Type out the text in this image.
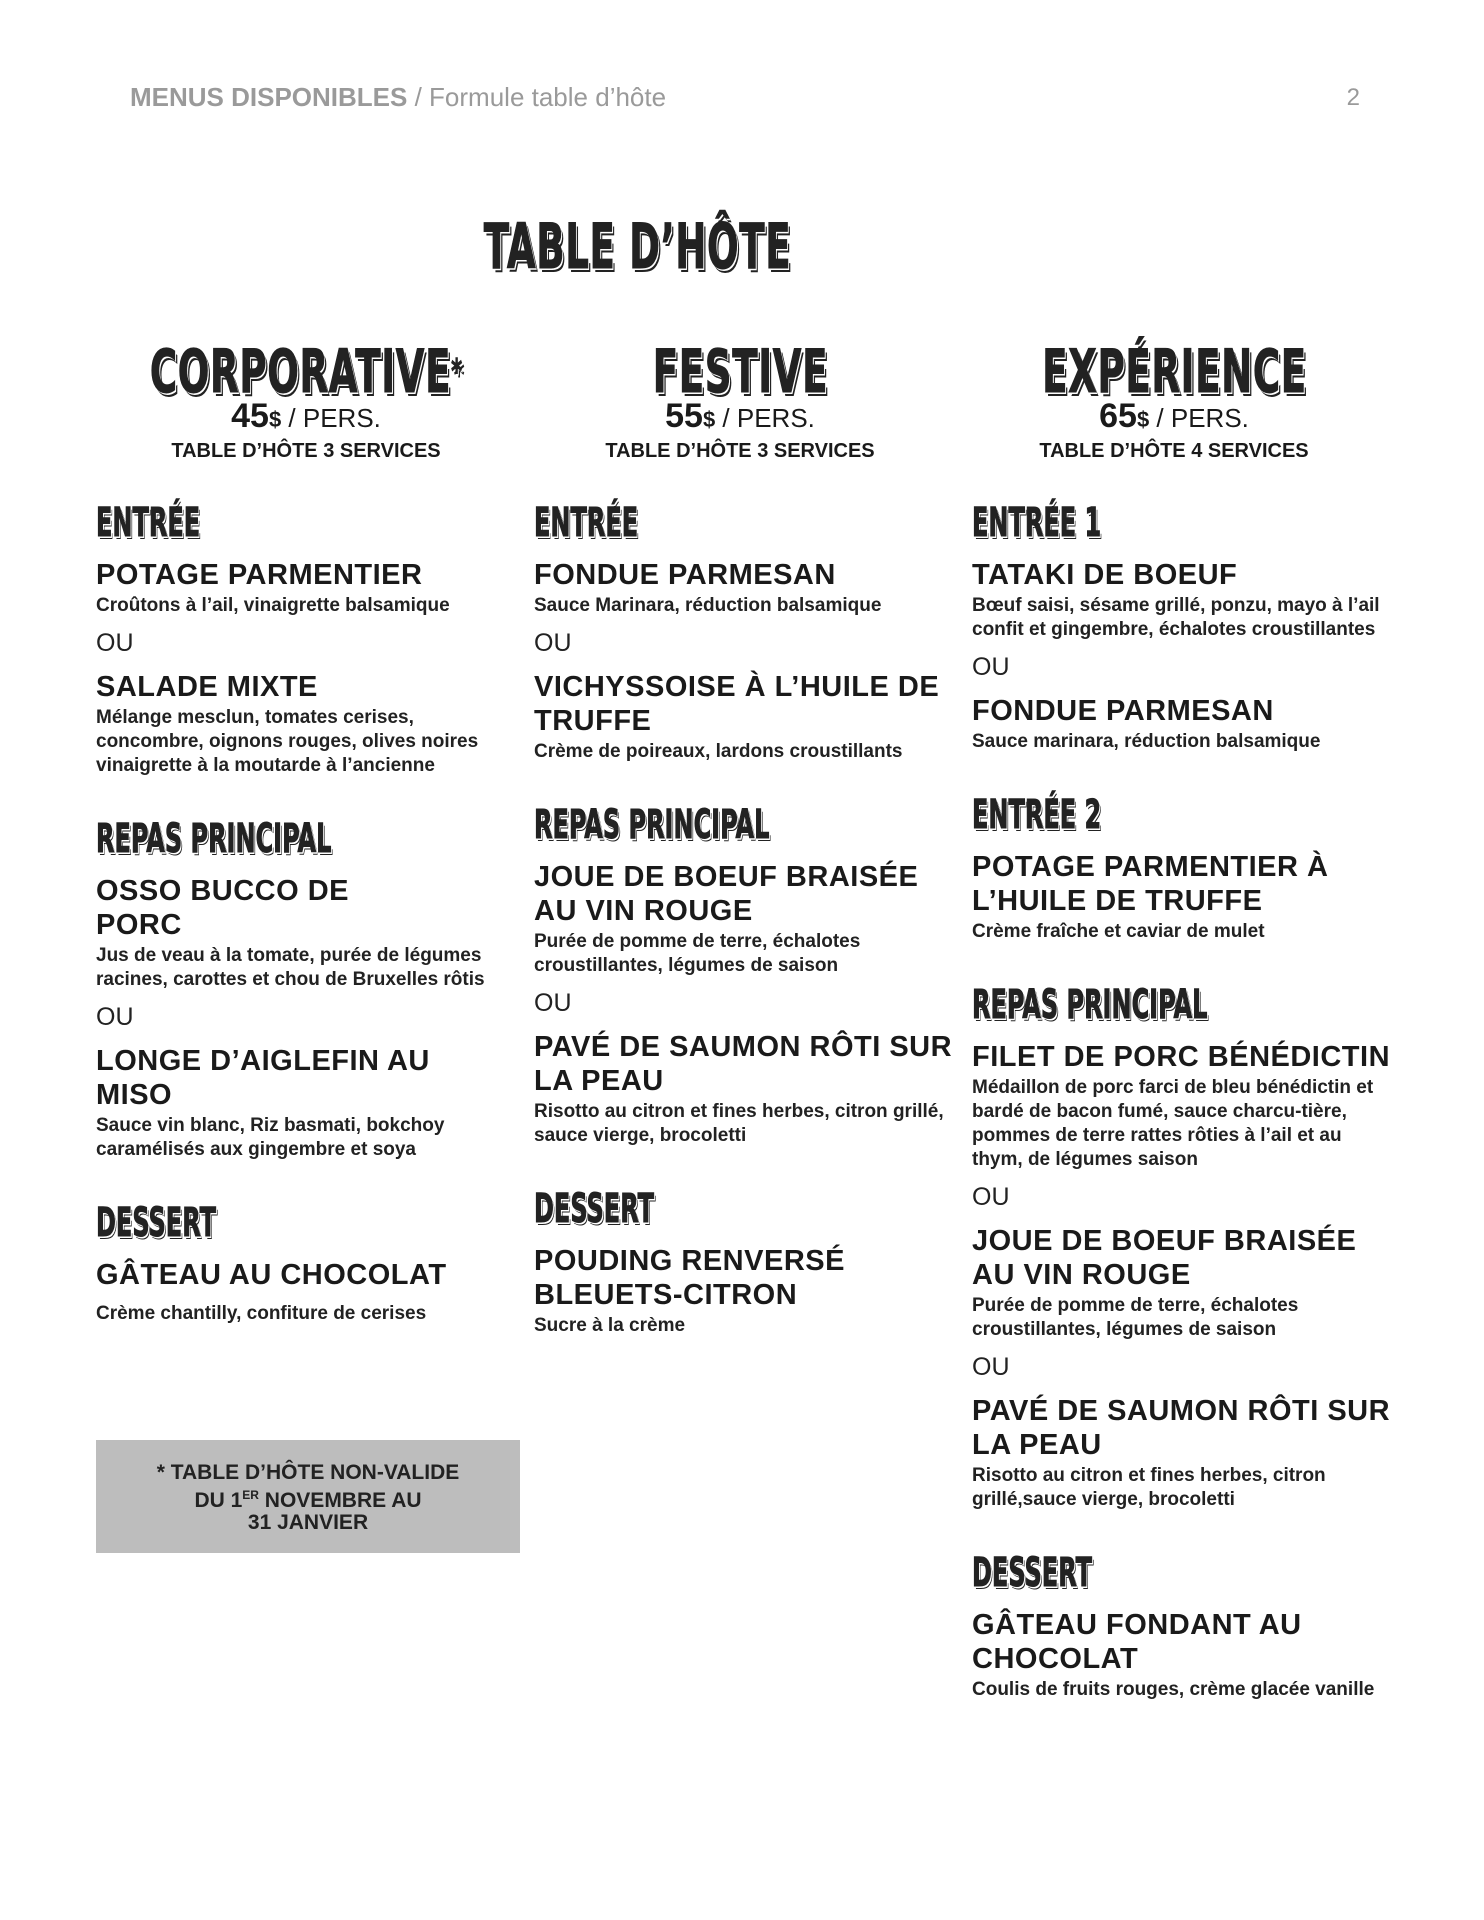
MENUS DISPONIBLES / Formule table d’hôte	2
TABLE D’HÔTE
CORPORATIVE*
45$ / PERS.
TABLE D’HÔTE 3 SERVICES
FESTIVE
55$ / PERS.
TABLE D’HÔTE 3 SERVICES
EXPÉRIENCE
65$ / PERS.
TABLE D’HÔTE 4 SERVICES
ENTRÉE
POTAGE PARMENTIER
Croûtons à l’ail, vinaigrette balsamique
OU
SALADE MIXTE
Mélange mesclun, tomates cerises, concombre, oignons rouges, olives noires vinaigrette à la moutarde à l’ancienne
REPAS PRINCIPAL
OSSO BUCCO DE PORC
Jus de veau à la tomate, purée de légumes racines, carottes et chou de Bruxelles rôtis
OU
LONGE D’AIGLEFIN AU MISO
Sauce vin blanc, Riz basmati, bokchoy caramélisés aux gingembre et soya
DESSERT
GÂTEAU AU CHOCOLAT
Crème chantilly, confiture de cerises
ENTRÉE
FONDUE PARMESAN
Sauce Marinara, réduction balsamique
OU
VICHYSSOISE À L’HUILE DE TRUFFE
Crème de poireaux, lardons croustillants
REPAS PRINCIPAL
JOUE DE BOEUF BRAISÉE AU VIN ROUGE
Purée de pomme de terre, échalotes croustillantes, légumes de saison
OU
PAVÉ DE SAUMON RÔTI SUR LA PEAU
Risotto au citron et fines herbes, citron grillé, sauce vierge, brocoletti
DESSERT
POUDING RENVERSÉ BLEUETS-CITRON
Sucre à la crème
ENTRÉE 1
TATAKI DE BOEUF
Bœuf saisi, sésame grillé, ponzu, mayo à l’ail confit et gingembre, échalotes croustillantes
OU
FONDUE PARMESAN
Sauce marinara, réduction balsamique
ENTRÉE 2
POTAGE PARMENTIER À L’HUILE DE TRUFFE
Crème fraîche et caviar de mulet
REPAS PRINCIPAL
FILET DE PORC BÉNÉDICTIN
Médaillon de porc farci de bleu bénédictin et bardé de bacon fumé, sauce charcu-tière, pommes de terre rattes rôties à l’ail et au thym, de légumes saison
OU
JOUE DE BOEUF BRAISÉE AU VIN ROUGE
Purée de pomme de terre, échalotes croustillantes, légumes de saison
OU
PAVÉ DE SAUMON RÔTI SUR LA PEAU
Risotto au citron et fines herbes, citron grillé,sauce vierge, brocoletti
DESSERT
GÂTEAU FONDANT AU CHOCOLAT
Coulis de fruits rouges, crème glacée vanille
* TABLE D’HÔTE NON-VALIDE
DU 1ER NOVEMBRE AU
31 JANVIER
